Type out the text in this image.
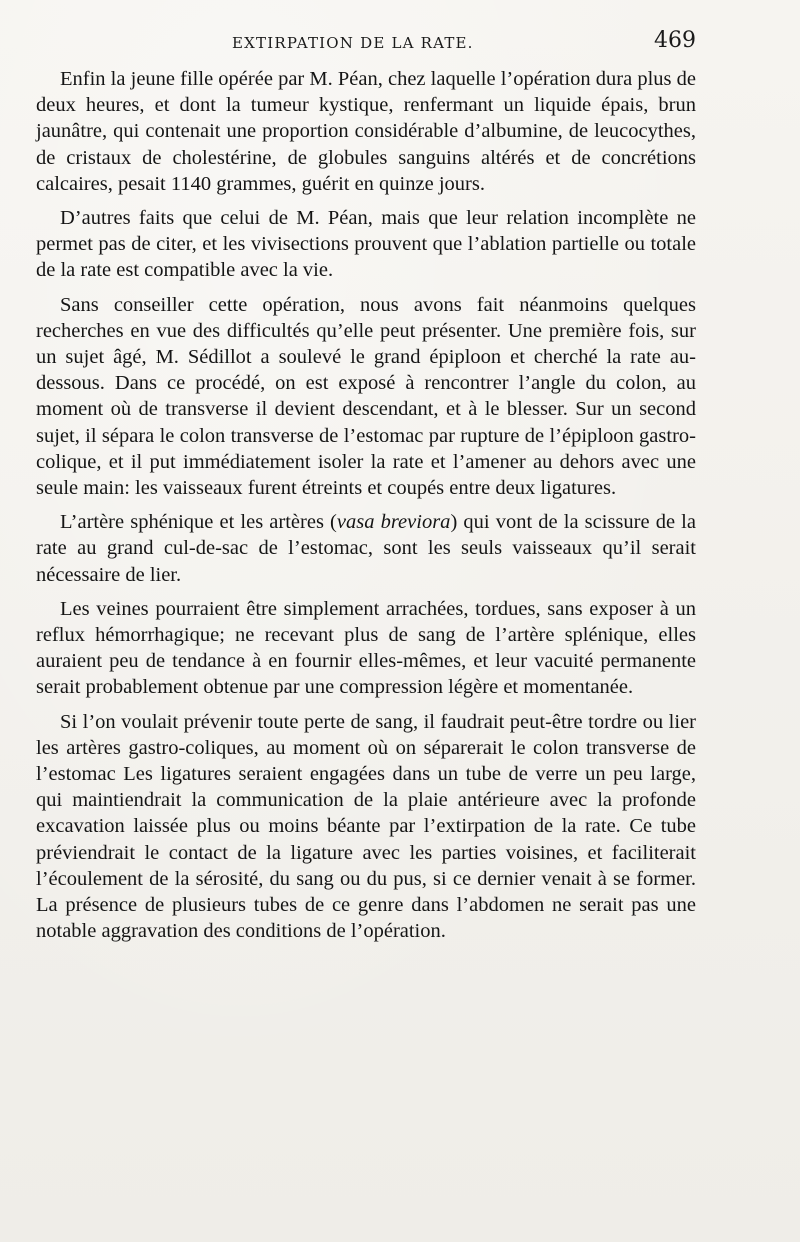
EXTIRPATION DE LA RATE.	469

Enfin la jeune fille opérée par M. Péan, chez laquelle l’opération dura plus de deux heures, et dont la tumeur kystique, renfermant un liquide épais, brun jaunâtre, qui contenait une proportion considérable d’albumine, de leucocythes, de cristaux de cholestérine, de globules sanguins altérés et de concrétions calcaires, pesait 1140 grammes, guérit en quinze jours.

D’autres faits que celui de M. Péan, mais que leur relation incomplète ne permet pas de citer, et les vivisections prouvent que l’ablation partielle ou totale de la rate est compatible avec la vie.

Sans conseiller cette opération, nous avons fait néanmoins quelques recherches en vue des difficultés qu’elle peut présenter. Une première fois, sur un sujet âgé, M. Sédillot a soulevé le grand épiploon et cherché la rate au-dessous. Dans ce procédé, on est exposé à rencontrer l’angle du colon, au moment où de transverse il devient descendant, et à le blesser. Sur un second sujet, il sépara le colon transverse de l’estomac par rupture de l’épiploon gastro-colique, et il put immédiatement isoler la rate et l’amener au dehors avec une seule main: les vaisseaux furent étreints et coupés entre deux ligatures.

L’artère sphénique et les artères (vasa breviora) qui vont de la scissure de la rate au grand cul-de-sac de l’estomac, sont les seuls vaisseaux qu’il serait nécessaire de lier.

Les veines pourraient être simplement arrachées, tordues, sans exposer à un reflux hémorrhagique; ne recevant plus de sang de l’artère splénique, elles auraient peu de tendance à en fournir elles-mêmes, et leur vacuité permanente serait probablement obtenue par une compression légère et momentanée.

Si l’on voulait prévenir toute perte de sang, il faudrait peut-être tordre ou lier les artères gastro-coliques, au moment où on séparerait le colon transverse de l’estomac Les ligatures seraient engagées dans un tube de verre un peu large, qui maintiendrait la communication de la plaie antérieure avec la profonde excavation laissée plus ou moins béante par l’extirpation de la rate. Ce tube préviendrait le contact de la ligature avec les parties voisines, et faciliterait l’écoulement de la sérosité, du sang ou du pus, si ce dernier venait à se former. La présence de plusieurs tubes de ce genre dans l’abdomen ne serait pas une notable aggravation des conditions de l’opération.
